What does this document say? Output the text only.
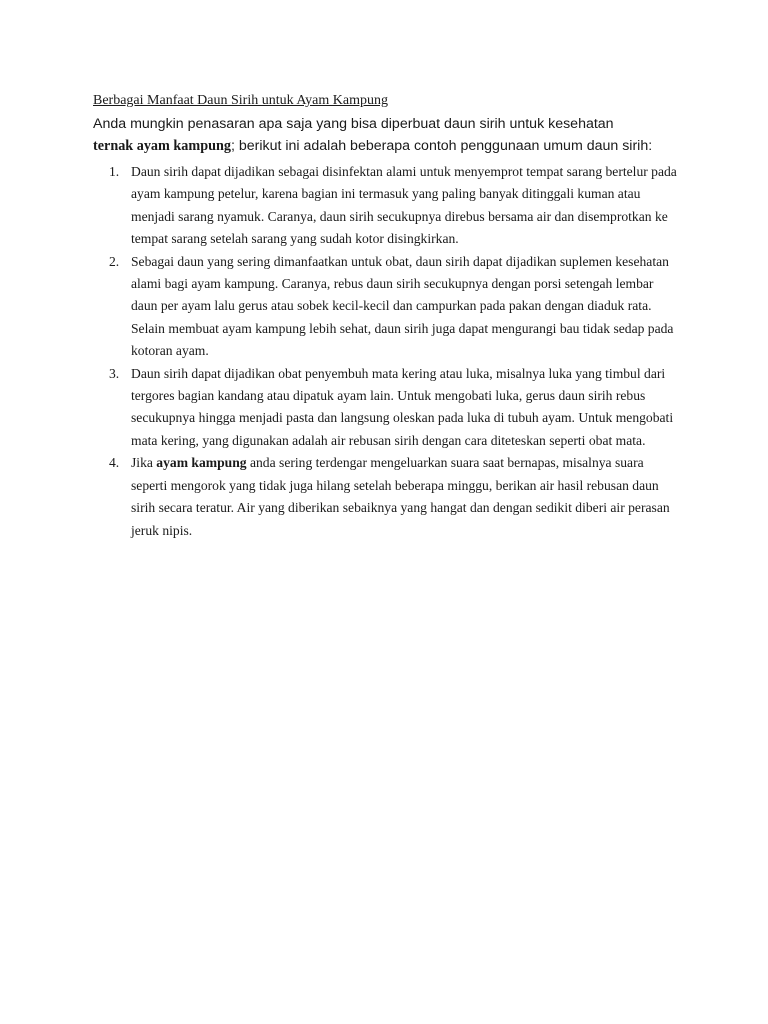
Berbagai Manfaat Daun Sirih untuk Ayam Kampung

Anda mungkin penasaran apa saja yang bisa diperbuat daun sirih untuk kesehatan ternak ayam kampung; berikut ini adalah beberapa contoh penggunaan umum daun sirih:

1. Daun sirih dapat dijadikan sebagai disinfektan alami untuk menyemprot tempat sarang bertelur pada ayam kampung petelur, karena bagian ini termasuk yang paling banyak ditinggali kuman atau menjadi sarang nyamuk. Caranya, daun sirih secukupnya direbus bersama air dan disemprotkan ke tempat sarang setelah sarang yang sudah kotor disingkirkan.
2. Sebagai daun yang sering dimanfaatkan untuk obat, daun sirih dapat dijadikan suplemen kesehatan alami bagi ayam kampung. Caranya, rebus daun sirih secukupnya dengan porsi setengah lembar daun per ayam lalu gerus atau sobek kecil-kecil dan campurkan pada pakan dengan diaduk rata. Selain membuat ayam kampung lebih sehat, daun sirih juga dapat mengurangi bau tidak sedap pada kotoran ayam.
3. Daun sirih dapat dijadikan obat penyembuh mata kering atau luka, misalnya luka yang timbul dari tergores bagian kandang atau dipatuk ayam lain. Untuk mengobati luka, gerus daun sirih rebus secukupnya hingga menjadi pasta dan langsung oleskan pada luka di tubuh ayam. Untuk mengobati mata kering, yang digunakan adalah air rebusan sirih dengan cara diteteskan seperti obat mata.
4. Jika ayam kampung anda sering terdengar mengeluarkan suara saat bernapas, misalnya suara seperti mengorok yang tidak juga hilang setelah beberapa minggu, berikan air hasil rebusan daun sirih secara teratur. Air yang diberikan sebaiknya yang hangat dan dengan sedikit diberi air perasan jeruk nipis.
